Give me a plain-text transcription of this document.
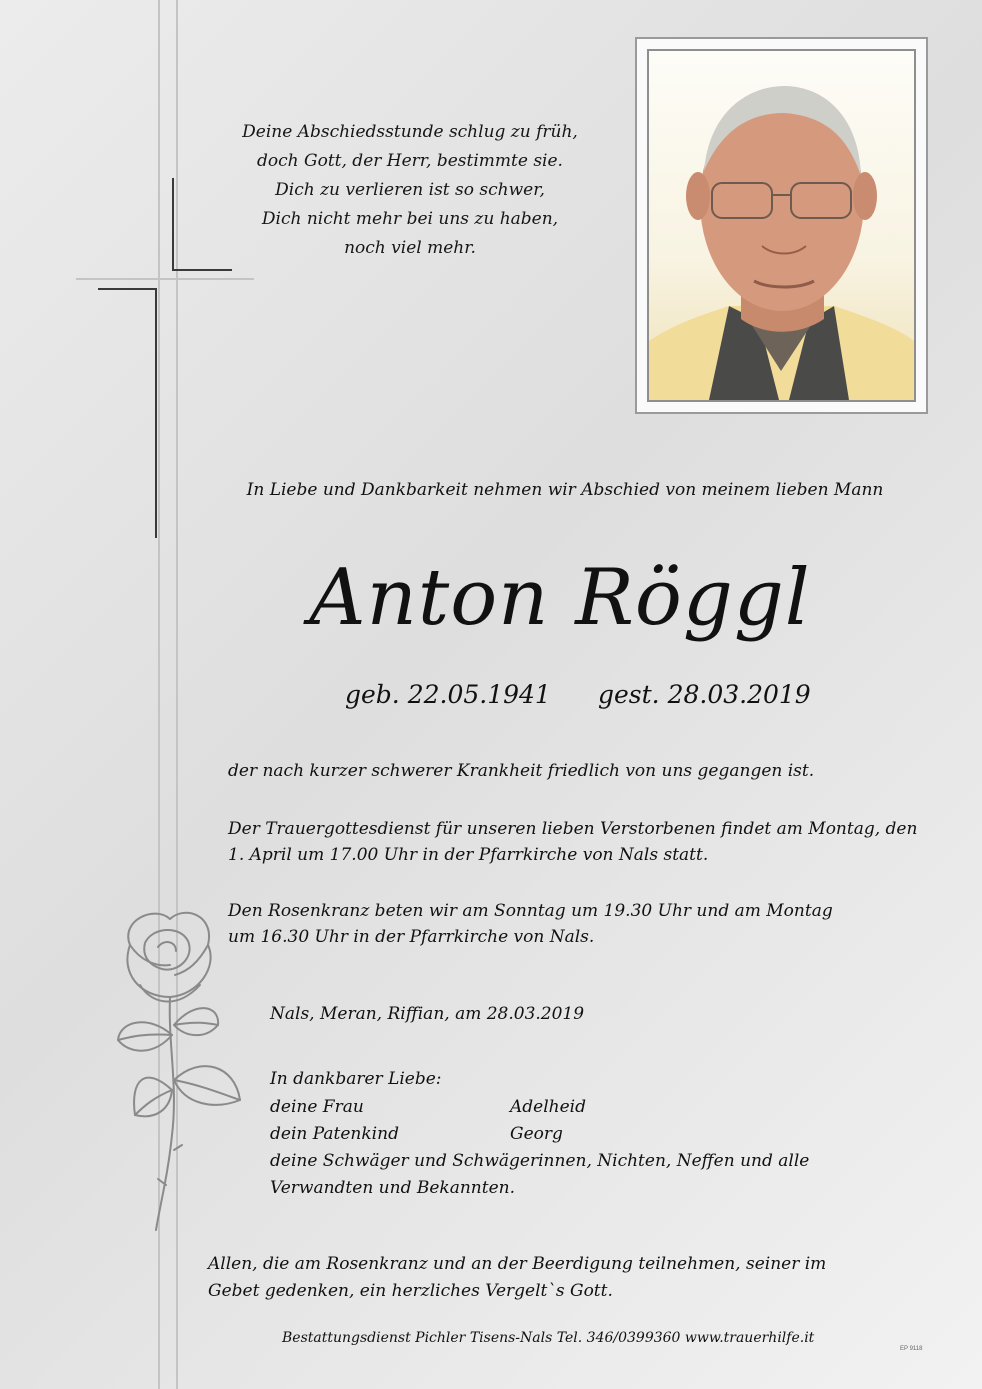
Deine Abschiedsstunde schlug zu früh,
doch Gott, der Herr, bestimmte sie.
Dich zu verlieren ist so schwer,
Dich nicht mehr bei uns zu haben,
noch viel mehr.
In Liebe und Dankbarkeit nehmen wir Abschied von meinem lieben Mann
Anton Röggl
geb. 22.05.1941 gest. 28.03.2019
der nach kurzer schwerer Krankheit friedlich von uns gegangen ist.
Der Trauergottesdienst für unseren lieben Verstorbenen findet am Montag, den
1. April um 17.00 Uhr in der Pfarrkirche von Nals statt.
Den Rosenkranz beten wir am Sonntag um 19.30 Uhr und am Montag
um 16.30 Uhr in der Pfarrkirche von Nals.
Nals, Meran, Riffian, am 28.03.2019
In dankbarer Liebe:
deine Frau	Adelheid
dein Patenkind	Georg
deine Schwäger und Schwägerinnen, Nichten, Neffen und alle
Verwandten und Bekannten.
Allen, die am Rosenkranz und an der Beerdigung teilnehmen, seiner im
Gebet gedenken, ein herzliches Vergelt`s Gott.
Bestattungsdienst Pichler Tisens-Nals Tel. 346/0399360 www.trauerhilfe.it
EP 9118
